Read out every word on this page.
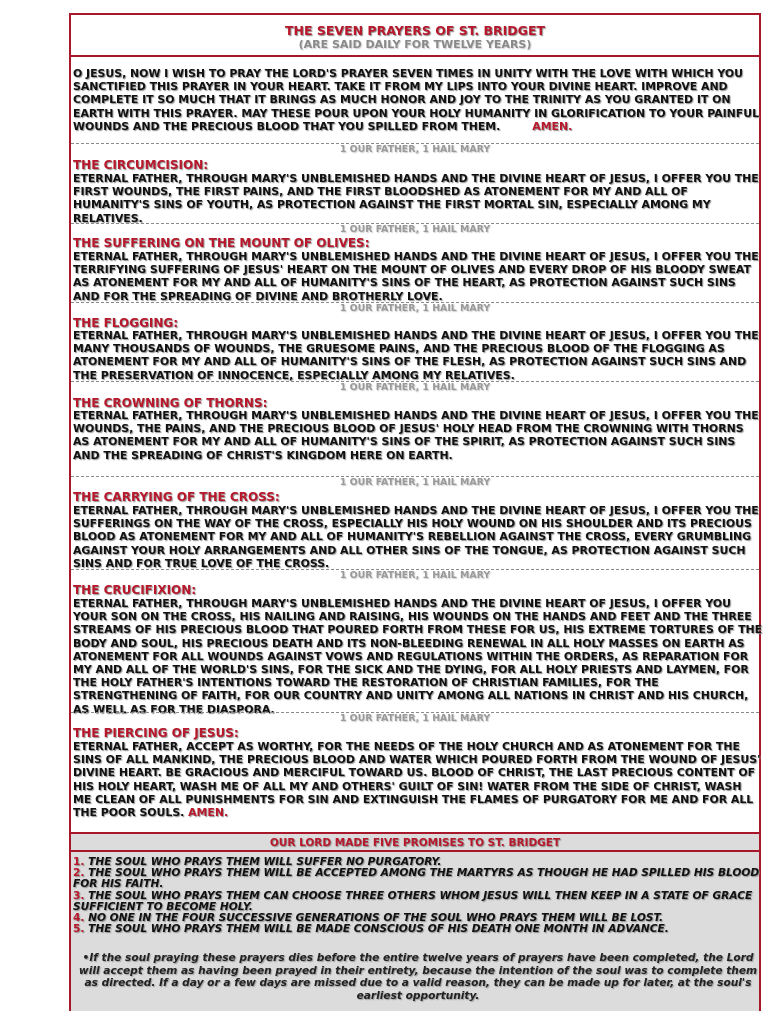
THE SEVEN PRAYERS OF ST. BRIDGET
(ARE SAID DAILY FOR TWELVE YEARS)
O JESUS, NOW I WISH TO PRAY THE LORD'S PRAYER SEVEN TIMES IN UNITY WITH THE LOVE WITH WHICH YOU SANCTIFIED THIS PRAYER IN YOUR HEART. TAKE IT FROM MY LIPS INTO YOUR DIVINE HEART. IMPROVE AND COMPLETE IT SO MUCH THAT IT BRINGS AS MUCH HONOR AND JOY TO THE TRINITY AS YOU GRANTED IT ON EARTH WITH THIS PRAYER. MAY THESE POUR UPON YOUR HOLY HUMANITY IN GLORIFICATION TO YOUR PAINFUL WOUNDS AND THE PRECIOUS BLOOD THAT YOU SPILLED FROM THEM.	AMEN.
1 OUR FATHER, 1 HAIL MARY
THE CIRCUMCISION:
ETERNAL FATHER, THROUGH MARY'S UNBLEMISHED HANDS AND THE DIVINE HEART OF JESUS, I OFFER YOU THE FIRST WOUNDS, THE FIRST PAINS, AND THE FIRST BLOODSHED AS ATONEMENT FOR MY AND ALL OF HUMANITY'S SINS OF YOUTH, AS PROTECTION AGAINST THE FIRST MORTAL SIN, ESPECIALLY AMONG MY RELATIVES.
1 OUR FATHER, 1 HAIL MARY
THE SUFFERING ON THE MOUNT OF OLIVES:
ETERNAL FATHER, THROUGH MARY'S UNBLEMISHED HANDS AND THE DIVINE HEART OF JESUS, I OFFER YOU THE TERRIFYING SUFFERING OF JESUS' HEART ON THE MOUNT OF OLIVES AND EVERY DROP OF HIS BLOODY SWEAT AS ATONEMENT FOR MY AND ALL OF HUMANITY'S SINS OF THE HEART, AS PROTECTION AGAINST SUCH SINS AND FOR THE SPREADING OF DIVINE AND BROTHERLY LOVE.
1 OUR FATHER, 1 HAIL MARY
THE FLOGGING:
ETERNAL FATHER, THROUGH MARY'S UNBLEMISHED HANDS AND THE DIVINE HEART OF JESUS, I OFFER YOU THE MANY THOUSANDS OF WOUNDS, THE GRUESOME PAINS, AND THE PRECIOUS BLOOD OF THE FLOGGING AS ATONEMENT FOR MY AND ALL OF HUMANITY'S SINS OF THE FLESH, AS PROTECTION AGAINST SUCH SINS AND THE PRESERVATION OF INNOCENCE, ESPECIALLY AMONG MY RELATIVES.
1 OUR FATHER, 1 HAIL MARY
THE CROWNING OF THORNS:
ETERNAL FATHER, THROUGH MARY'S UNBLEMISHED HANDS AND THE DIVINE HEART OF JESUS, I OFFER YOU THE WOUNDS, THE PAINS, AND THE PRECIOUS BLOOD OF JESUS' HOLY HEAD FROM THE CROWNING WITH THORNS AS ATONEMENT FOR MY AND ALL OF HUMANITY'S SINS OF THE SPIRIT, AS PROTECTION AGAINST SUCH SINS AND THE SPREADING OF CHRIST'S KINGDOM HERE ON EARTH.
1 OUR FATHER, 1 HAIL MARY
THE CARRYING OF THE CROSS:
ETERNAL FATHER, THROUGH MARY'S UNBLEMISHED HANDS AND THE DIVINE HEART OF JESUS, I OFFER YOU THE SUFFERINGS ON THE WAY OF THE CROSS, ESPECIALLY HIS HOLY WOUND ON HIS SHOULDER AND ITS PRECIOUS BLOOD AS ATONEMENT FOR MY AND ALL OF HUMANITY'S REBELLION AGAINST THE CROSS, EVERY GRUMBLING AGAINST YOUR HOLY ARRANGEMENTS AND ALL OTHER SINS OF THE TONGUE, AS PROTECTION AGAINST SUCH SINS AND FOR TRUE LOVE OF THE CROSS.
1 OUR FATHER, 1 HAIL MARY
THE CRUCIFIXION:
ETERNAL FATHER, THROUGH MARY'S UNBLEMISHED HANDS AND THE DIVINE HEART OF JESUS, I OFFER YOU YOUR SON ON THE CROSS, HIS NAILING AND RAISING, HIS WOUNDS ON THE HANDS AND FEET AND THE THREE STREAMS OF HIS PRECIOUS BLOOD THAT POURED FORTH FROM THESE FOR US, HIS EXTREME TORTURES OF THE BODY AND SOUL, HIS PRECIOUS DEATH AND ITS NON-BLEEDING RENEWAL IN ALL HOLY MASSES ON EARTH AS ATONEMENT FOR ALL WOUNDS AGAINST VOWS AND REGULATIONS WITHIN THE ORDERS, AS REPARATION FOR MY AND ALL OF THE WORLD'S SINS, FOR THE SICK AND THE DYING, FOR ALL HOLY PRIESTS AND LAYMEN, FOR THE HOLY FATHER'S INTENTIONS TOWARD THE RESTORATION OF CHRISTIAN FAMILIES, FOR THE STRENGTHENING OF FAITH, FOR OUR COUNTRY AND UNITY AMONG ALL NATIONS IN CHRIST AND HIS CHURCH, AS WELL AS FOR THE DIASPORA.
1 OUR FATHER, 1 HAIL MARY
THE PIERCING OF JESUS:
ETERNAL FATHER, ACCEPT AS WORTHY, FOR THE NEEDS OF THE HOLY CHURCH AND AS ATONEMENT FOR THE SINS OF ALL MANKIND, THE PRECIOUS BLOOD AND WATER WHICH POURED FORTH FROM THE WOUND OF JESUS' DIVINE HEART. BE GRACIOUS AND MERCIFUL TOWARD US. BLOOD OF CHRIST, THE LAST PRECIOUS CONTENT OF HIS HOLY HEART, WASH ME OF ALL MY AND OTHERS' GUILT OF SIN! WATER FROM THE SIDE OF CHRIST, WASH ME CLEAN OF ALL PUNISHMENTS FOR SIN AND EXTINGUISH THE FLAMES OF PURGATORY FOR ME AND FOR ALL THE POOR SOULS. AMEN.
OUR LORD MADE FIVE PROMISES TO ST. BRIDGET
1. THE SOUL WHO PRAYS THEM WILL SUFFER NO PURGATORY.
2. THE SOUL WHO PRAYS THEM WILL BE ACCEPTED AMONG THE MARTYRS AS THOUGH HE HAD SPILLED HIS BLOOD FOR HIS FAITH.
3. THE SOUL WHO PRAYS THEM CAN CHOOSE THREE OTHERS WHOM JESUS WILL THEN KEEP IN A STATE OF GRACE SUFFICIENT TO BECOME HOLY.
4. NO ONE IN THE FOUR SUCCESSIVE GENERATIONS OF THE SOUL WHO PRAYS THEM WILL BE LOST.
5. THE SOUL WHO PRAYS THEM WILL BE MADE CONSCIOUS OF HIS DEATH ONE MONTH IN ADVANCE.
•If the soul praying these prayers dies before the entire twelve years of prayers have been completed, the Lord will accept them as having been prayed in their entirety, because the intention of the soul was to complete them as directed. If a day or a few days are missed due to a valid reason, they can be made up for later, at the soul's earliest opportunity.
